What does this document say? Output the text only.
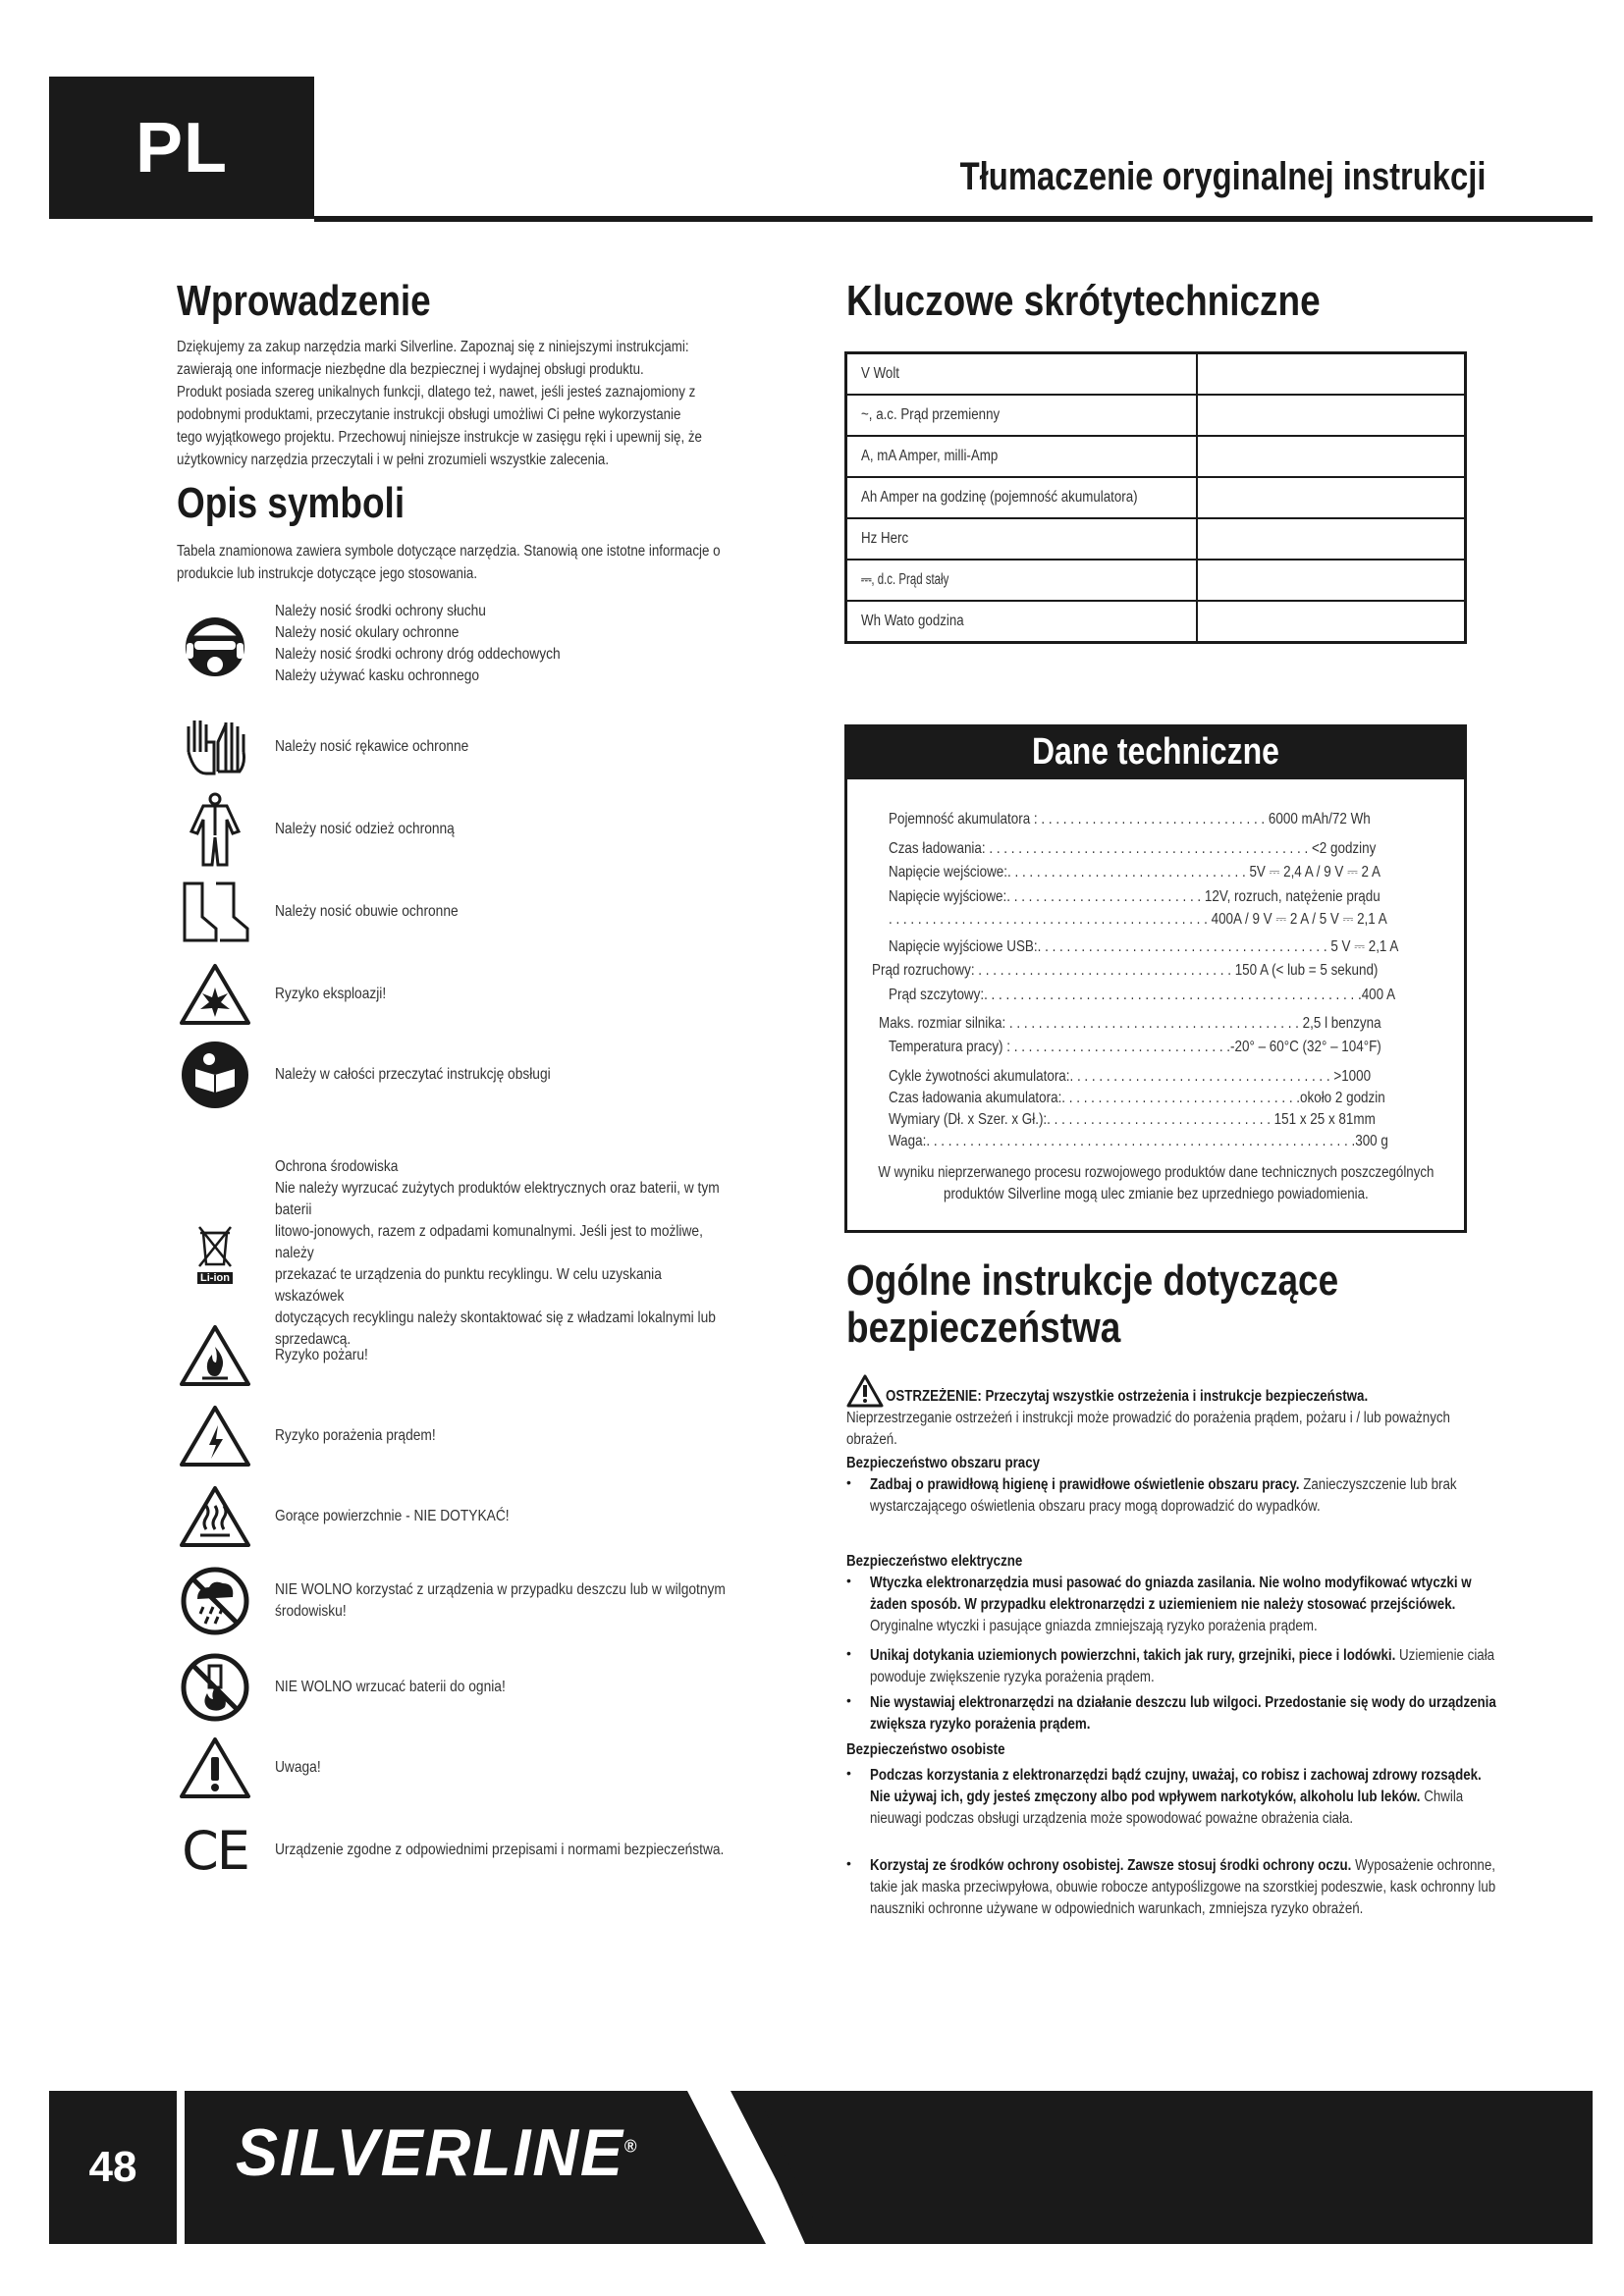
PL	Tłumaczenie oryginalnej instrukcji
Wprowadzenie
Dziękujemy za zakup narzędzia marki Silverline. Zapoznaj się z niniejszymi instrukcjami:
zawierają one informacje niezbędne dla bezpiecznej i wydajnej obsługi produktu.
Produkt posiada szereg unikalnych funkcji, dlatego też, nawet, jeśli jesteś zaznajomiony z
podobnymi produktami, przeczytanie instrukcji obsługi umożliwi Ci pełne wykorzystanie
tego wyjątkowego projektu. Przechowuj niniejsze instrukcje w zasięgu ręki i upewnij się, że
użytkownicy narzędzia przeczytali i w pełni zrozumieli wszystkie zalecenia.
Opis symboli
Tabela znamionowa zawiera symbole dotyczące narzędzia. Stanowią one istotne informacje o
produkcie lub instrukcje dotyczące jego stosowania.
Należy nosić środki ochrony słuchu
Należy nosić okulary ochronne
Należy nosić środki ochrony dróg oddechowych
Należy używać kasku ochronnego
Należy nosić rękawice ochronne
Należy nosić odzież ochronną
Należy nosić obuwie ochronne
Ryzyko eksploazji!
Należy w całości przeczytać instrukcję obsługi
Li-ion
Ochrona środowiska
Nie należy wyrzucać zużytych produktów elektrycznych oraz baterii, w tym baterii
litowo-jonowych, razem z odpadami komunalnymi. Jeśli jest to możliwe, należy
przekazać te urządzenia do punktu recyklingu. W celu uzyskania wskazówek
dotyczących recyklingu należy skontaktować się z władzami lokalnymi lub
sprzedawcą.
Ryzyko pożaru!
Ryzyko porażenia prądem!
Gorące powierzchnie - NIE DOTYKAĆ!
NIE WOLNO korzystać z urządzenia w przypadku deszczu lub w wilgotnym
środowisku!
NIE WOLNO wrzucać baterii do ognia!
Uwaga!
CE Urządzenie zgodne z odpowiednimi przepisami i normami bezpieczeństwa.
Kluczowe skrótytechniczne
V Wolt	
~, a.c. Prąd przemienny	
A, mA Amper, milli-Amp	
Ah Amper na godzinę (pojemność akumulatora)	
Hz Herc	
⎓, d.c. Prąd stały	
Wh Wato godzina	
Dane techniczne
Pojemność akumulatora : . . . . . . . . . . . . . . . . . . . . . . . . . . . . . . . 6000 mAh/72 Wh
Czas ładowania: . . . . . . . . . . . . . . . . . . . . . . . . . . . . . . . . . . . . . . . . . . . . <2 godziny
Napięcie wejściowe:. . . . . . . . . . . . . . . . . . . . . . . . . . . . . . . . . 5V ⎓ 2,4 A / 9 V ⎓ 2 A
Napięcie wyjściowe:. . . . . . . . . . . . . . . . . . . . . . . . . . . 12V, rozruch, natężenie prądu
. . . . . . . . . . . . . . . . . . . . . . . . . . . . . . . . . . . . . . . . . . . . 400A / 9 V ⎓ 2 A / 5 V ⎓ 2,1 A
Napięcie wyjściowe USB:. . . . . . . . . . . . . . . . . . . . . . . . . . . . . . . . . . . . . . . . 5 V ⎓ 2,1 A
Prąd rozruchowy: . . . . . . . . . . . . . . . . . . . . . . . . . . . . . . . . . . . 150 A (< lub = 5 sekund)
Prąd szczytowy:. . . . . . . . . . . . . . . . . . . . . . . . . . . . . . . . . . . . . . . . . . . . . . . . . . . .400 A
Maks. rozmiar silnika: . . . . . . . . . . . . . . . . . . . . . . . . . . . . . . . . . . . . . . . . 2,5 l benzyna
Temperatura pracy) : . . . . . . . . . . . . . . . . . . . . . . . . . . . . . .-20° – 60°C (32° – 104°F)
Cykle żywotności akumulatora:. . . . . . . . . . . . . . . . . . . . . . . . . . . . . . . . . . . . >1000
Czas ładowania akumulatora:. . . . . . . . . . . . . . . . . . . . . . . . . . . . . . . . .około 2 godzin
Wymiary (Dł. x Szer. x Gł.):. . . . . . . . . . . . . . . . . . . . . . . . . . . . . . . 151 x 25 x 81mm
Waga:. . . . . . . . . . . . . . . . . . . . . . . . . . . . . . . . . . . . . . . . . . . . . . . . . . . . . . . . . . .300 g
W wyniku nieprzerwanego procesu rozwojowego produktów dane technicznych poszczególnych produktów Silverline mogą ulec zmianie bez uprzedniego powiadomienia.
Ogólne instrukcje dotyczące
bezpieczeństwa
OSTRZEŻENIE: Przeczytaj wszystkie ostrzeżenia i instrukcje bezpieczeństwa.
Nieprzestrzeganie ostrzeżeń i instrukcji może prowadzić do porażenia prądem, pożaru i / lub poważnych obrażeń.
Bezpieczeństwo obszaru pracy
• Zadbaj o prawidłową higienę i prawidłowe oświetlenie obszaru pracy. Zanieczyszczenie lub brak wystarczającego oświetlenia obszaru pracy mogą doprowadzić do wypadków.
Bezpieczeństwo elektryczne
• Wtyczka elektronarzędzia musi pasować do gniazda zasilania. Nie wolno modyfikować wtyczki w żaden sposób. W przypadku elektronarzędzi z uziemieniem nie należy stosować przejściówek. Oryginalne wtyczki i pasujące gniazda zmniejszają ryzyko porażenia prądem.
• Unikaj dotykania uziemionych powierzchni, takich jak rury, grzejniki, piece i lodówki. Uziemienie ciała powoduje zwiększenie ryzyka porażenia prądem.
• Nie wystawiaj elektronarzędzi na działanie deszczu lub wilgoci. Przedostanie się wody do urządzenia zwiększa ryzyko porażenia prądem.
Bezpieczeństwo osobiste
• Podczas korzystania z elektronarzędzi bądź czujny, uważaj, co robisz i zachowaj zdrowy rozsądek. Nie używaj ich, gdy jesteś zmęczony albo pod wpływem narkotyków, alkoholu lub leków. Chwila nieuwagi podczas obsługi urządzenia może spowodować poważne obrażenia ciała.
• Korzystaj ze środków ochrony osobistej. Zawsze stosuj środki ochrony oczu. Wyposażenie ochronne, takie jak maska przeciwpyłowa, obuwie robocze antypoślizgowe na szorstkiej podeszwie, kask ochronny lub nauszniki ochronne używane w odpowiednich warunkach, zmniejsza ryzyko obrażeń.
48	SILVERLINE®
